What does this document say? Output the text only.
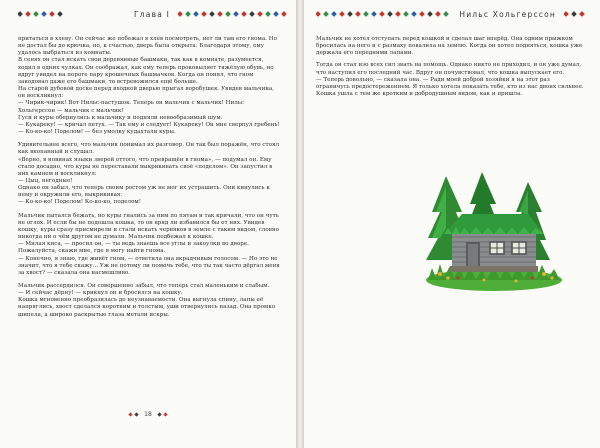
Глава I

притаться в хлеву. Он сейчас же побежал в хлев посмотреть, нет ли там его гнома. Но не достал бы до крючка, но, к счастью, дверь была открыта. Благодаря этому, ему удалось выбраться из комнаты.

В сенях он стал искать свои деревянные башмаки, так как в комнате, разумеется, ходил в одних чулках. Он соображал, как ему теперь проковыляет тяжёлую обувь, но вдруг увидел на пороге пару крошечных башмачков. Когда он понял, что гном закодовал даже его башмаки, то встревожился ещё больше.

На старой дубовой доске перед входной дверью прыгал воробушек. Увидев мальчика, он воскликнул:

— Чирик-чирик! Вот Нильс-пастушок. Теперь он мальчик с мальчик! Нильс Хольгерссон — мальчик с мальчик!

Гуси и куры обернулись к мальчику и подняли невообразимый шум.

— Кукареку! — кричал петух. — Так ему и следует! Кукареку! Он мне сверпул гребень!

— Ко-ко-ко! Поделом! — без умолку кудахтали куры.

Удивительнее всего, что мальчик понимал их разговор. Он так был поражён, что стоял как вкопанный и слушал.

«Верно, в новинах языки зверей оттого, что превращён в гнома», — подумал он. Ему стало досадно, что куры не переставали выкрикивать своё «поделом». Он запустил в них камнем и воскликнул:

— Цыц, негодные!

Однако он забыл, что теперь своим ростом уж не мог их устрашить. Они кинулись к нему и окружили его, выкрикивая:

— Ко-ко-ко! Поделом! Ко-ко-ко, поделом!

Мальчик пытался бежать, но куры гнались за ним по пятам и так кричали, что он чуть не оглох. И если бы не подошла кошка, то он вряд ли избавился бы от них. Увидев кошку, куры сразу присмирели и стали искать червяков в земле с таким видом, словно никогда ни о чём другом не думали. Мальчик подбежал к кошке.

— Милая киса, — просил он, — ты ведь знаешь все углы и закоулки во дворе. Пожалуйста, скажи мне, где я могу найти гнома.

— Конечно, я знаю, где живёт гном, — ответила она вкрадчивым голосом. — Но это не значит, что я тебе скажу... Уж не потому ли помочь тебе, что ты так часто дёргал меня за хвост? — сказала она насмешливо.

Мальчик рассердился. Он совершенно забыл, что теперь стал маленьким и слабым.

— И сейчас дёрну! — крикнул он и бросился на кошку.

Кошка мгновенно преобразилась до неузнаваемости. Она выгнула спину, лапы её напряглись, хвост сделался коротким и толстым, уши отвернулись назад. Она промко шипела, а широко раскрытые глаза метали искры.

18
Нильс Хольгерссон

Мальчик не хотел отступать перед кошкой и сделал шаг вперёд. Она одним прыжком бросилась на него и с размаху повалила на землю. Когда он хотел подняться, кошка уже держала его передними лапами.

Тогда он стал изо всех сил звать на помощь. Однако никто не приходил, и он уже думал, что наступил его последний час. Вдруг он почувствовал, что кошка выпускает его.

— Теперь довольно, — сказала она. — Ради моей доброй хозяйки я на этот раз ограничусь предостережением. Я только хотела показать тебе, кто из нас двоих сильнее.

Кошка ушла с тем же кротким и добродушным видом, как и пришла.
